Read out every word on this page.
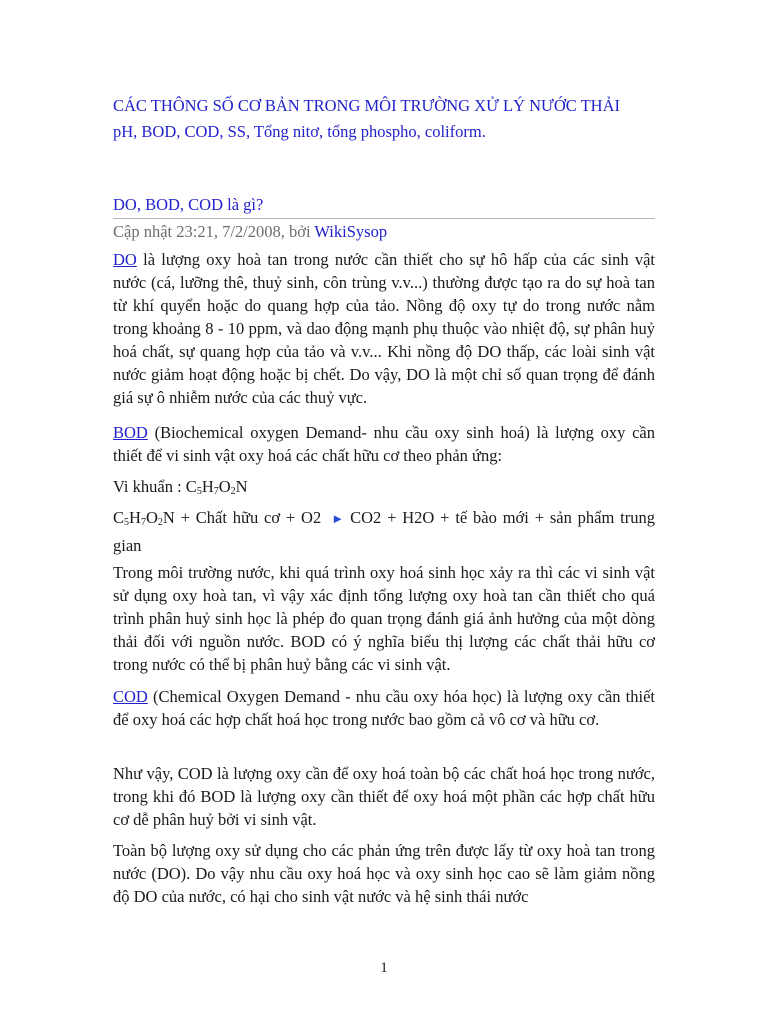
CÁC THÔNG SỐ CƠ BẢN TRONG MÔI TRƯỜNG XỬ LÝ NƯỚC THẢI
pH, BOD, COD, SS, Tổng nitơ, tổng phospho, coliform.
DO, BOD, COD là gì?
Cập nhật 23:21, 7/2/2008, bởi WikiSysop
DO là lượng oxy hoà tan trong nước cần thiết cho sự hô hấp của các sinh vật nước (cá, lưỡng thê, thuỷ sinh, côn trùng v.v...) thường được tạo ra do sự hoà tan từ khí quyển hoặc do quang hợp của tảo. Nồng độ oxy tự do trong nước nằm trong khoảng 8 - 10 ppm, và dao động mạnh phụ thuộc vào nhiệt độ, sự phân huỷ hoá chất, sự quang hợp của tảo và v.v... Khi nồng độ DO thấp, các loài sinh vật nước giảm hoạt động hoặc bị chết. Do vậy, DO là một chỉ số quan trọng để đánh giá sự ô nhiễm nước của các thuỷ vực.
BOD (Biochemical oxygen Demand- nhu cầu oxy sinh hoá) là lượng oxy cần thiết để vi sinh vật oxy hoá các chất hữu cơ theo phản ứng:
Vi khuẩn : $C_5H_7O_2N$
$C_5H_7O_2N$ + Chất hữu cơ + O2 ► CO2 + H2O + tế bào mới + sản phẩm trung gian
Trong môi trường nước, khi quá trình oxy hoá sinh học xảy ra thì các vi sinh vật sử dụng oxy hoà tan, vì vậy xác định tổng lượng oxy hoà tan cần thiết cho quá trình phân huỷ sinh học là phép đo quan trọng đánh giá ảnh hưởng của một dòng thải đối với nguồn nước. BOD có ý nghĩa biểu thị lượng các chất thải hữu cơ trong nước có thể bị phân huỷ bằng các vi sinh vật.
COD (Chemical Oxygen Demand - nhu cầu oxy hóa học) là lượng oxy cần thiết để oxy hoá các hợp chất hoá học trong nước bao gồm cả vô cơ và hữu cơ.
Như vậy, COD là lượng oxy cần để oxy hoá toàn bộ các chất hoá học trong nước, trong khi đó BOD là lượng oxy cần thiết để oxy hoá một phần các hợp chất hữu cơ dễ phân huỷ bởi vi sinh vật.
Toàn bộ lượng oxy sử dụng cho các phản ứng trên được lấy từ oxy hoà tan trong nước (DO). Do vậy nhu cầu oxy hoá học và oxy sinh học cao sẽ làm giảm nồng độ DO của nước, có hại cho sinh vật nước và hệ sinh thái nước
1
